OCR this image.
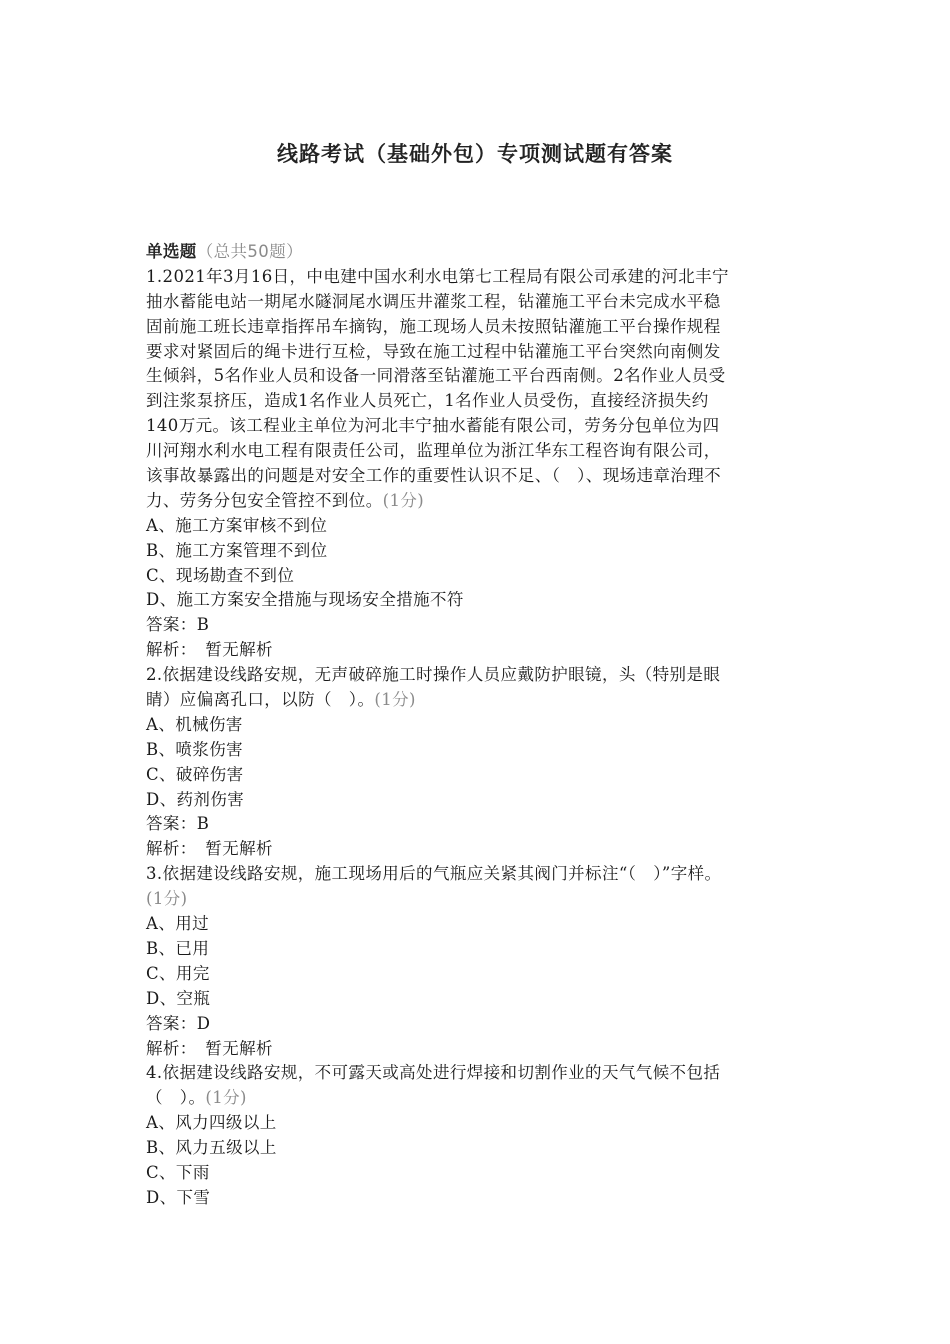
线路考试（基础外包）专项测试题有答案
单选题（总共50题）
1.2021年3月16日，中电建中国水利水电第七工程局有限公司承建的河北丰宁
抽水蓄能电站一期尾水隧洞尾水调压井灌浆工程，钻灌施工平台未完成水平稳
固前施工班长违章指挥吊车摘钩，施工现场人员未按照钻灌施工平台操作规程
要求对紧固后的绳卡进行互检，导致在施工过程中钻灌施工平台突然向南侧发
生倾斜，5名作业人员和设备一同滑落至钻灌施工平台西南侧。2名作业人员受
到注浆泵挤压，造成1名作业人员死亡，1名作业人员受伤，直接经济损失约
140万元。该工程业主单位为河北丰宁抽水蓄能有限公司，劳务分包单位为四
川河翔水利水电工程有限责任公司，监理单位为浙江华东工程咨询有限公司，
该事故暴露出的问题是对安全工作的重要性认识不足、（　）、现场违章治理不
力、劳务分包安全管控不到位。(1分)
A、施工方案审核不到位
B、施工方案管理不到位
C、现场勘查不到位
D、施工方案安全措施与现场安全措施不符
答案：B
解析：　暂无解析
2.依据建设线路安规，无声破碎施工时操作人员应戴防护眼镜，头（特别是眼
睛）应偏离孔口，以防（　）。(1分)
A、机械伤害
B、喷浆伤害
C、破碎伤害
D、药剂伤害
答案：B
解析：　暂无解析
3.依据建设线路安规，施工现场用后的气瓶应关紧其阀门并标注“（　）”字样。
(1分)
A、用过
B、已用
C、用完
D、空瓶
答案：D
解析：　暂无解析
4.依据建设线路安规，不可露天或高处进行焊接和切割作业的天气气候不包括
（　）。(1分)
A、风力四级以上
B、风力五级以上
C、下雨
D、下雪
